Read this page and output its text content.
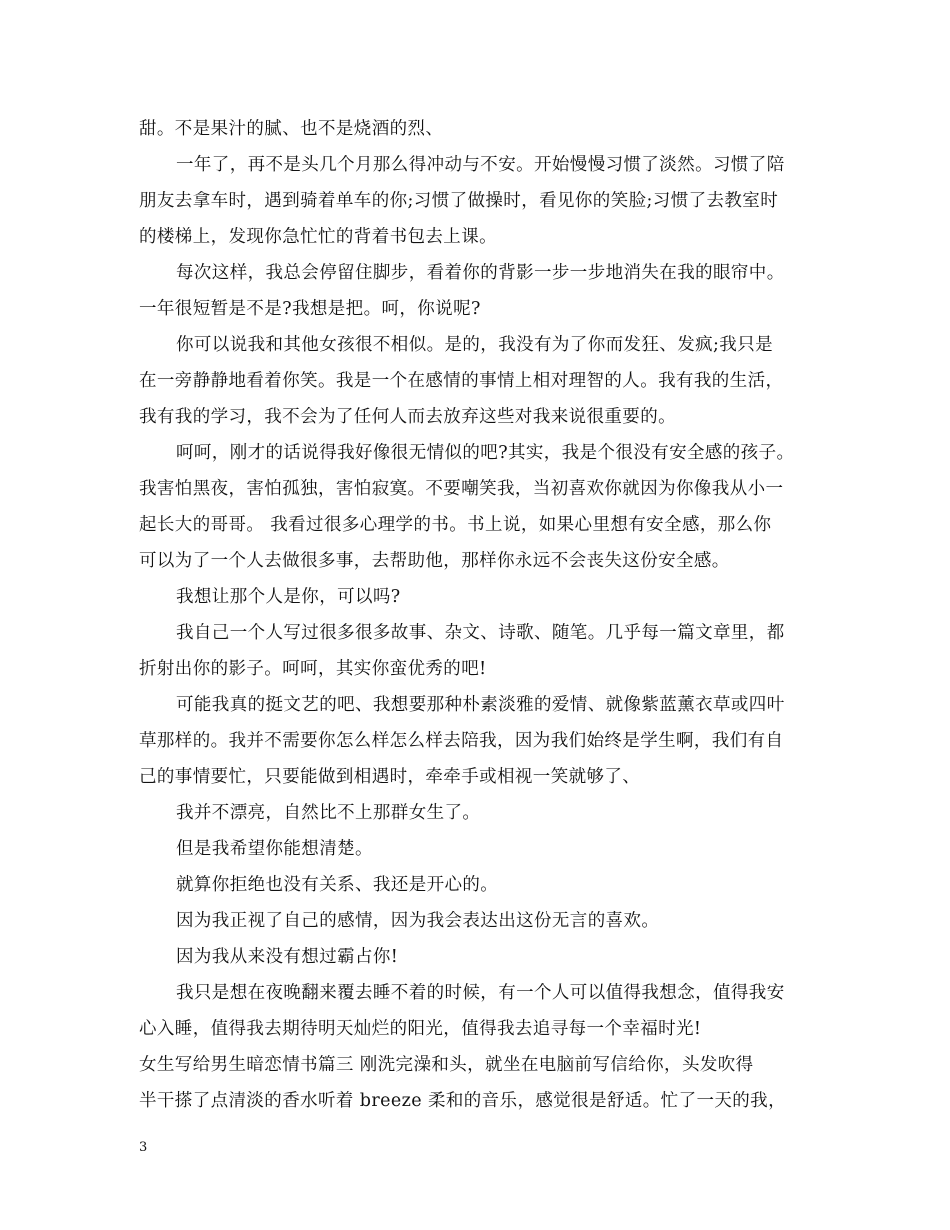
甜。不是果汁的腻、也不是烧酒的烈、
一年了，再不是头几个月那么得冲动与不安。开始慢慢习惯了淡然。习惯了陪
朋友去拿车时，遇到骑着单车的你;习惯了做操时，看见你的笑脸;习惯了去教室时
的楼梯上，发现你急忙忙的背着书包去上课。
每次这样，我总会停留住脚步，看着你的背影一步一步地消失在我的眼帘中。
一年很短暂是不是?我想是把。呵，你说呢?
你可以说我和其他女孩很不相似。是的，我没有为了你而发狂、发疯;我只是
在一旁静静地看着你笑。我是一个在感情的事情上相对理智的人。我有我的生活，
我有我的学习，我不会为了任何人而去放弃这些对我来说很重要的。
呵呵，刚才的话说得我好像很无情似的吧?其实，我是个很没有安全感的孩子。
我害怕黑夜，害怕孤独，害怕寂寞。不要嘲笑我，当初喜欢你就因为你像我从小一
起长大的哥哥。 我看过很多心理学的书。书上说，如果心里想有安全感，那么你
可以为了一个人去做很多事，去帮助他，那样你永远不会丧失这份安全感。
我想让那个人是你，可以吗?
我自己一个人写过很多很多故事、杂文、诗歌、随笔。几乎每一篇文章里，都
折射出你的影子。呵呵，其实你蛮优秀的吧!
可能我真的挺文艺的吧、我想要那种朴素淡雅的爱情、就像紫蓝薰衣草或四叶
草那样的。我并不需要你怎么样怎么样去陪我，因为我们始终是学生啊，我们有自
己的事情要忙，只要能做到相遇时，牵牵手或相视一笑就够了、
我并不漂亮，自然比不上那群女生了。
但是我希望你能想清楚。
就算你拒绝也没有关系、我还是开心的。
因为我正视了自己的感情，因为我会表达出这份无言的喜欢。
因为我从来没有想过霸占你!
我只是想在夜晚翻来覆去睡不着的时候，有一个人可以值得我想念，值得我安
心入睡，值得我去期待明天灿烂的阳光，值得我去追寻每一个幸福时光!
女生写给男生暗恋情书篇三 刚洗完澡和头，就坐在电脑前写信给你，头发吹得
半干搽了点清淡的香水听着 breeze 柔和的音乐，感觉很是舒适。忙了一天的我，
3
